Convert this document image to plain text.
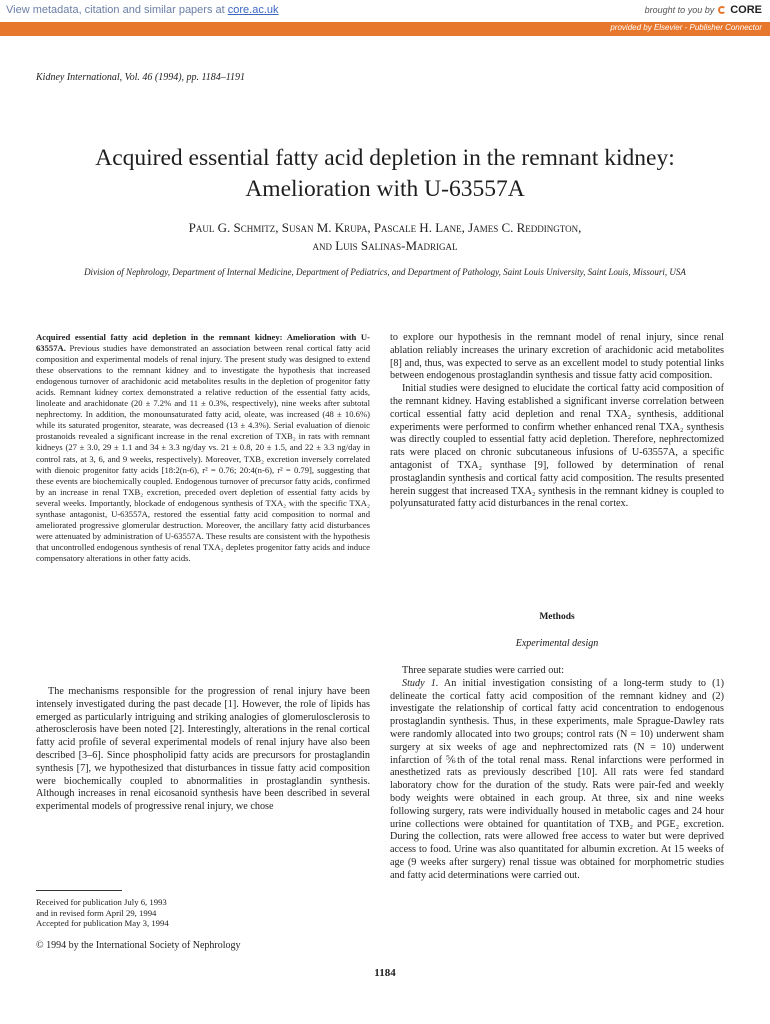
View metadata, citation and similar papers at core.ac.uk	brought to you by CORE
provided by Elsevier - Publisher Connector
Kidney International, Vol. 46 (1994), pp. 1184–1191
Acquired essential fatty acid depletion in the remnant kidney:
Amelioration with U-63557A
Paul G. Schmitz, Susan M. Krupa, Pascale H. Lane, James C. Reddington,
and Luis Salinas-Madrigal
Division of Nephrology, Department of Internal Medicine, Department of Pediatrics, and Department of Pathology, Saint Louis University, Saint Louis, Missouri, USA
Acquired essential fatty acid depletion in the remnant kidney: Amelioration with U-63557A. Previous studies have demonstrated an association between renal cortical fatty acid composition and experimental models of renal injury. The present study was designed to extend these observations to the remnant kidney and to investigate the hypothesis that increased endogenous turnover of arachidonic acid metabolites results in the depletion of progenitor fatty acids. Remnant kidney cortex demonstrated a relative reduction of the essential fatty acids, linoleate and arachidonate (20 ± 7.2% and 11 ± 0.3%, respectively), nine weeks after subtotal nephrectomy. In addition, the monounsaturated fatty acid, oleate, was increased (48 ± 10.6%) while its saturated progenitor, stearate, was decreased (13 ± 4.3%). Serial evaluation of dienoic prostanoids revealed a significant increase in the renal excretion of TXB₂ in rats with remnant kidneys (27 ± 3.0, 29 ± 1.1 and 34 ± 3.3 ng/day vs. 21 ± 0.8, 20 ± 1.5, and 22 ± 3.3 ng/day in control rats, at 3, 6, and 9 weeks, respectively). Moreover, TXB₂ excretion inversely correlated with dienoic progenitor fatty acids [18:2(n-6), r² = 0.76; 20:4(n-6), r² = 0.79], suggesting that these events are biochemically coupled. Endogenous turnover of precursor fatty acids, confirmed by an increase in renal TXB₂ excretion, preceded overt depletion of essential fatty acids by several weeks. Importantly, blockade of endogenous synthesis of TXA₂ with the specific TXA₂ synthase antagonist, U-63557A, restored the essential fatty acid composition to normal and ameliorated progressive glomerular destruction. Moreover, the ancillary fatty acid disturbances were attenuated by administration of U-63557A. These results are consistent with the hypothesis that uncontrolled endogenous synthesis of renal TXA₂ depletes progenitor fatty acids and induce compensatory alterations in other fatty acids.

The mechanisms responsible for the progression of renal injury have been intensely investigated during the past decade [1]. However, the role of lipids has emerged as particularly intriguing and striking analogies of glomerulosclerosis to atherosclerosis have been noted [2]. Interestingly, alterations in the renal cortical fatty acid profile of several experimental models of renal injury have also been described [3–6]. Since phospholipid fatty acids are precursors for prostaglandin synthesis [7], we hypothesized that disturbances in tissue fatty acid composition were biochemically coupled to abnormalities in prostaglandin synthesis. Although increases in renal eicosanoid synthesis have been described in several experimental models of progressive renal injury, we chose

to explore our hypothesis in the remnant model of renal injury, since renal ablation reliably increases the urinary excretion of arachidonic acid metabolites [8] and, thus, was expected to serve as an excellent model to study potential links between endogenous prostaglandin synthesis and tissue fatty acid composition.

Initial studies were designed to elucidate the cortical fatty acid composition of the remnant kidney. Having established a significant inverse correlation between cortical essential fatty acid depletion and renal TXA₂ synthesis, additional experiments were performed to confirm whether enhanced renal TXA₂ synthesis was directly coupled to essential fatty acid depletion. Therefore, nephrectomized rats were placed on chronic subcutaneous infusions of U-63557A, a specific antagonist of TXA₂ synthase [9], followed by determination of renal prostaglandin synthesis and cortical fatty acid composition. The results presented herein suggest that increased TXA₂ synthesis in the remnant kidney is coupled to polyunsaturated fatty acid disturbances in the renal cortex.

Methods
Experimental design

Three separate studies were carried out:

Study 1. An initial investigation consisting of a long-term study to (1) delineate the cortical fatty acid composition of the remnant kidney and (2) investigate the relationship of cortical fatty acid concentration to endogenous prostaglandin synthesis. Thus, in these experiments, male Sprague-Dawley rats were randomly allocated into two groups; control rats (N = 10) underwent sham surgery at six weeks of age and nephrectomized rats (N = 10) underwent infarction of ⅚th of the total renal mass. Renal infarctions were performed in anesthetized rats as previously described [10]. All rats were fed standard laboratory chow for the duration of the study. Rats were pair-fed and weekly body weights were obtained in each group. At three, six and nine weeks following surgery, rats were individually housed in metabolic cages and 24 hour urine collections were obtained for quantitation of TXB₂ and PGE₂ excretion. During the collection, rats were allowed free access to water but were deprived access to food. Urine was also quantitated for albumin excretion. At 15 weeks of age (9 weeks after surgery) renal tissue was obtained for morphometric studies and fatty acid determinations were carried out.

Received for publication July 6, 1993
and in revised form April 29, 1994
Accepted for publication May 3, 1994
© 1994 by the International Society of Nephrology
1184
